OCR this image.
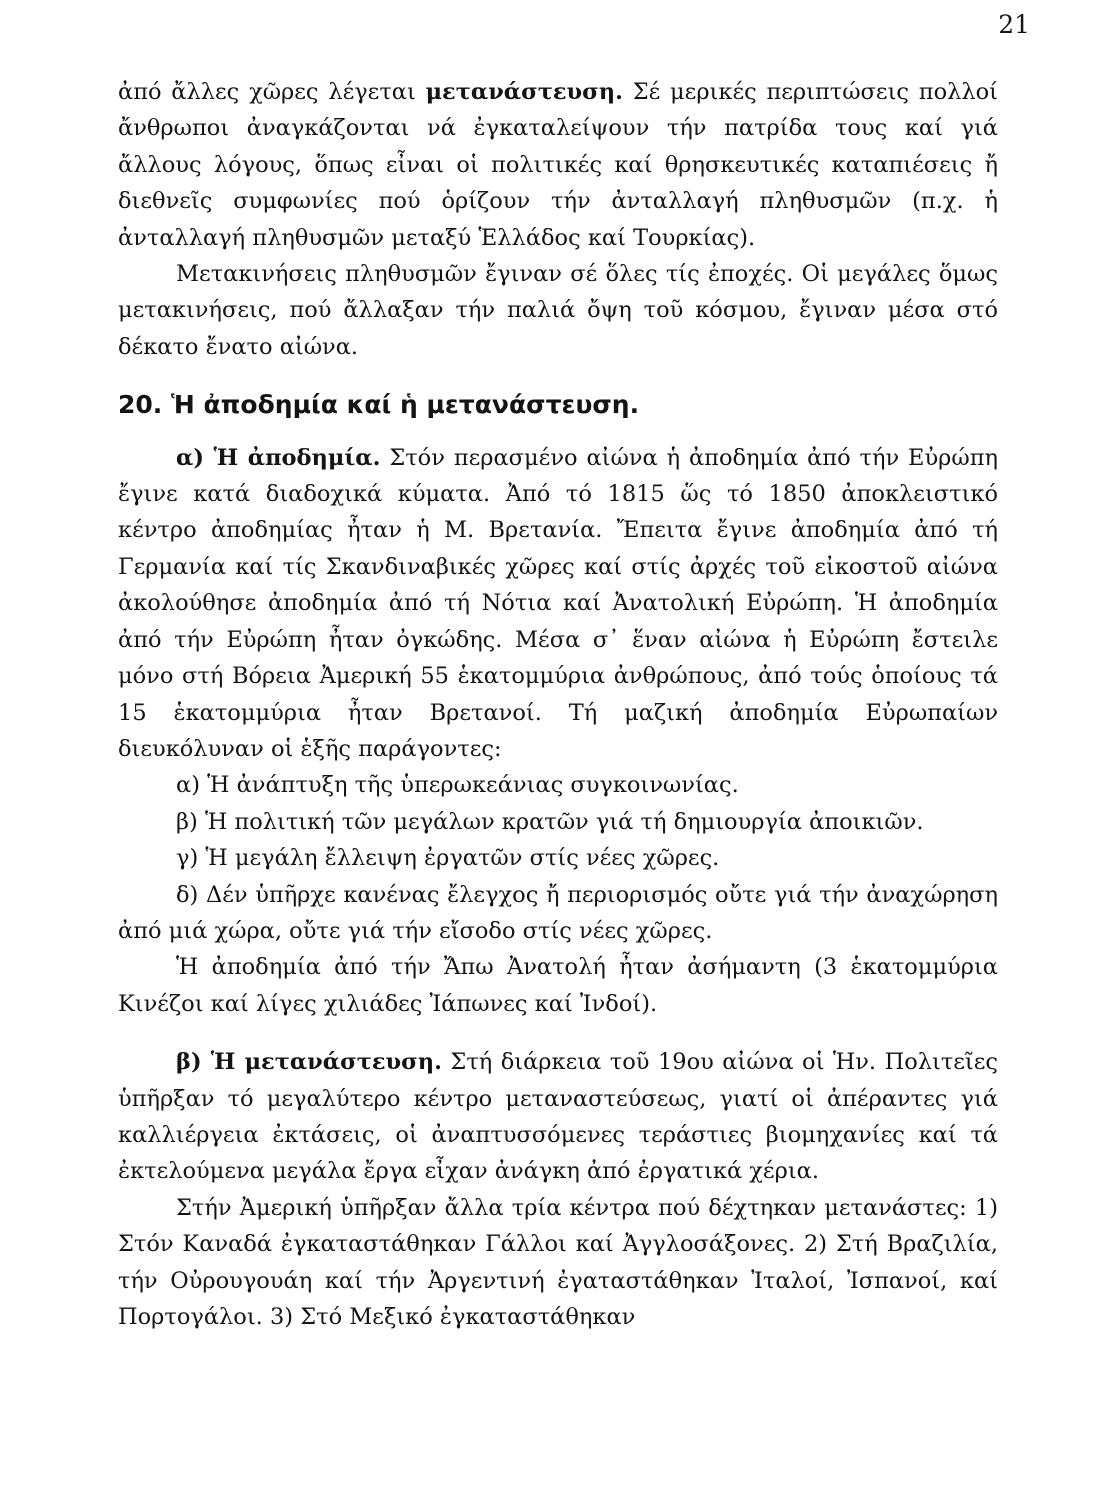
21

ἀπό ἄλλες χῶρες λέγεται μετανάστευση. Σέ μερικές περιπτώσεις πολλοί ἄνθρωποι ἀναγκάζονται νά ἐγκαταλείψουν τήν πατρίδα τους καί γιά ἄλλους λόγους, ὅπως εἶναι οἱ πολιτικές καί θρησκευτικές καταπιέσεις ἤ διεθνεῖς συμφωνίες πού ὁρίζουν τήν ἀνταλλαγή πληθυσμῶν (π.χ. ἡ ἀνταλλαγή πληθυσμῶν μεταξύ Ἑλλάδος καί Τουρκίας).

Μετακινήσεις πληθυσμῶν ἔγιναν σέ ὅλες τίς ἐποχές. Οἱ μεγάλες ὅμως μετακινήσεις, πού ἄλλαξαν τήν παλιά ὄψη τοῦ κόσμου, ἔγιναν μέσα στό δέκατο ἔνατο αἰώνα.

20. Ἡ ἀποδημία καί ἡ μετανάστευση.

α) Ἡ ἀποδημία. Στόν περασμένο αἰώνα ἡ ἀποδημία ἀπό τήν Εὐρώπη ἔγινε κατά διαδοχικά κύματα. Ἀπό τό 1815 ὥς τό 1850 ἀποκλειστικό κέντρο ἀποδημίας ἦταν ἡ Μ. Βρετανία. Ἔπειτα ἔγινε ἀποδημία ἀπό τή Γερμανία καί τίς Σκανδιναβικές χῶρες καί στίς ἀρχές τοῦ εἰκοστοῦ αἰώνα ἀκολούθησε ἀποδημία ἀπό τή Νότια καί Ἀνατολική Εὐρώπη. Ἡ ἀποδημία ἀπό τήν Εὐρώπη ἦταν ὀγκώδης. Μέσα σ᾽ ἕναν αἰώνα ἡ Εὐρώπη ἔστειλε μόνο στή Βόρεια Ἀμερική 55 ἑκατομμύρια ἀνθρώπους, ἀπό τούς ὁποίους τά 15 ἑκατομμύρια ἦταν Βρετανοί. Τή μαζική ἀποδημία Εὐρωπαίων διευκόλυναν οἱ ἑξῆς παράγοντες:

α) Ἡ ἀνάπτυξη τῆς ὑπερωκεάνιας συγκοινωνίας.

β) Ἡ πολιτική τῶν μεγάλων κρατῶν γιά τή δημιουργία ἀποικιῶν.

γ) Ἡ μεγάλη ἔλλειψη ἐργατῶν στίς νέες χῶρες.

δ) Δέν ὑπῆρχε κανένας ἔλεγχος ἤ περιορισμός οὔτε γιά τήν ἀναχώρηση ἀπό μιά χώρα, οὔτε γιά τήν εἴσοδο στίς νέες χῶρες.

Ἡ ἀποδημία ἀπό τήν Ἄπω Ἀνατολή ἦταν ἀσήμαντη (3 ἑκατομμύρια Κινέζοι καί λίγες χιλιάδες Ἰάπωνες καί Ἰνδοί).

β) Ἡ μετανάστευση. Στή διάρκεια τοῦ 19ου αἰώνα οἱ Ἡν. Πολιτεῖες ὑπῆρξαν τό μεγαλύτερο κέντρο μεταναστεύσεως, γιατί οἱ ἀπέραντες γιά καλλιέργεια ἐκτάσεις, οἱ ἀναπτυσσόμενες τεράστιες βιομηχανίες καί τά ἐκτελούμενα μεγάλα ἔργα εἶχαν ἀνάγκη ἀπό ἐργατικά χέρια.

Στήν Ἀμερική ὑπῆρξαν ἄλλα τρία κέντρα πού δέχτηκαν μετανάστες: 1) Στόν Καναδά ἐγκαταστάθηκαν Γάλλοι καί Ἀγγλοσάξονες. 2) Στή Βραζιλία, τήν Οὐρουγουάη καί τήν Ἀργεντινή ἐγαταστάθηκαν Ἰταλοί, Ἰσπανοί, καί Πορτογάλοι. 3) Στό Μεξικό ἐγκαταστάθηκαν
